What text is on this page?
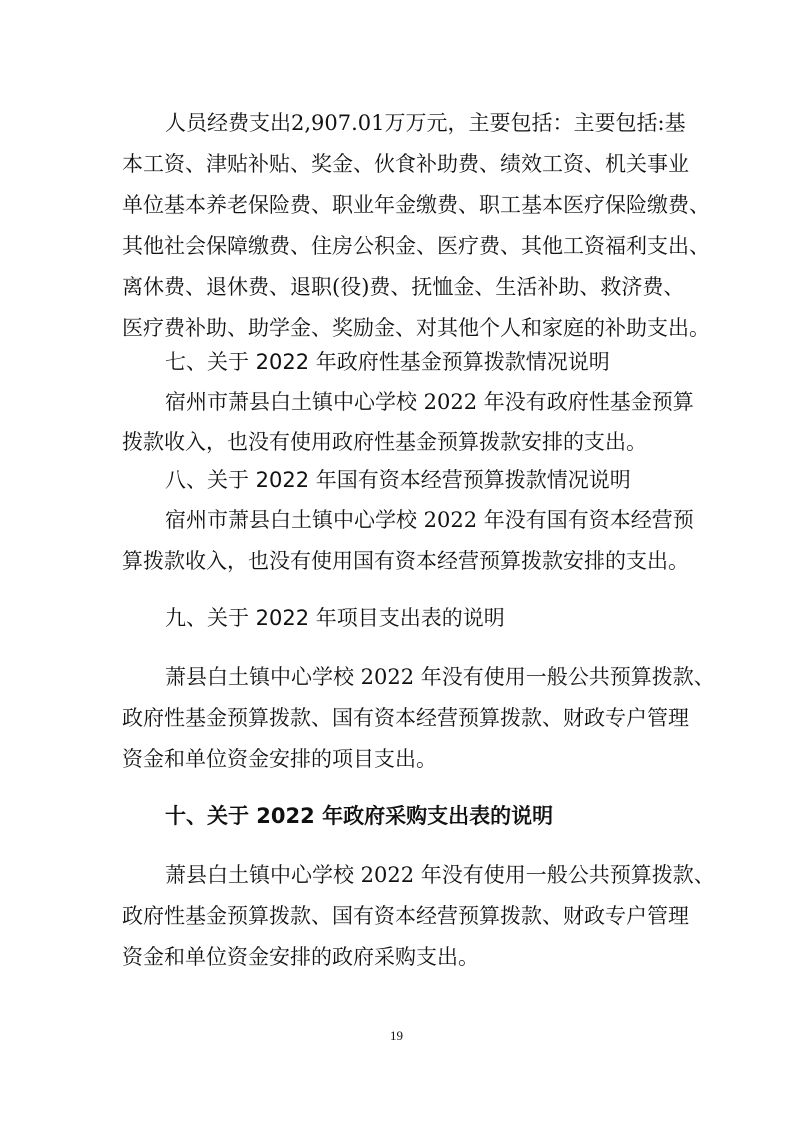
人员经费支出2,907.01万万元，主要包括：主要包括:基
本工资、津贴补贴、奖金、伙食补助费、绩效工资、机关事业
单位基本养老保险费、职业年金缴费、职工基本医疗保险缴费、
其他社会保障缴费、住房公积金、医疗费、其他工资福利支出、
离休费、退休费、退职(役)费、抚恤金、生活补助、救济费、
医疗费补助、助学金、奖励金、对其他个人和家庭的补助支出。
七、关于 2022 年政府性基金预算拨款情况说明
宿州市萧县白土镇中心学校 2022 年没有政府性基金预算
拨款收入，也没有使用政府性基金预算拨款安排的支出。
八、关于 2022 年国有资本经营预算拨款情况说明
宿州市萧县白土镇中心学校 2022 年没有国有资本经营预
算拨款收入，也没有使用国有资本经营预算拨款安排的支出。
九、关于 2022 年项目支出表的说明
萧县白土镇中心学校 2022 年没有使用一般公共预算拨款、
政府性基金预算拨款、国有资本经营预算拨款、财政专户管理
资金和单位资金安排的项目支出。
十、关于 2022 年政府采购支出表的说明
萧县白土镇中心学校 2022 年没有使用一般公共预算拨款、
政府性基金预算拨款、国有资本经营预算拨款、财政专户管理
资金和单位资金安排的政府采购支出。
19
